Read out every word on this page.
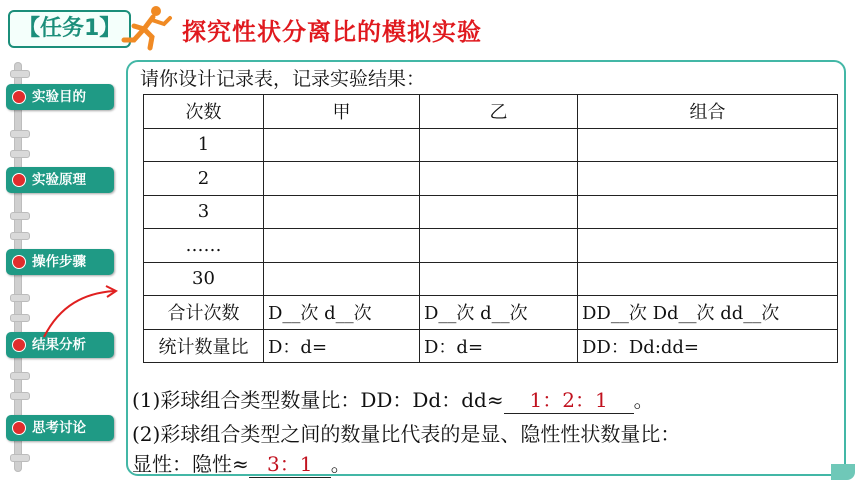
【任务1】	探究性状分离比的模拟实验
实验目的
实验原理
操作步骤
结果分析
思考讨论
请你设计记录表，记录实验结果：
次数	甲	乙	组合
1			
2			
3			
……			
30			
合计次数	D__次 d__次	D__次 d__次	DD__次 Dd__次 dd__次
统计数量比	D：d=	D：d=	DD：Dd:dd=
(1)彩球组合类型数量比：DD：Dd：dd≈ 1：2：1 。
(2)彩球组合类型之间的数量比代表的是显、隐性性状数量比：
显性：隐性≈ 3：1 。
